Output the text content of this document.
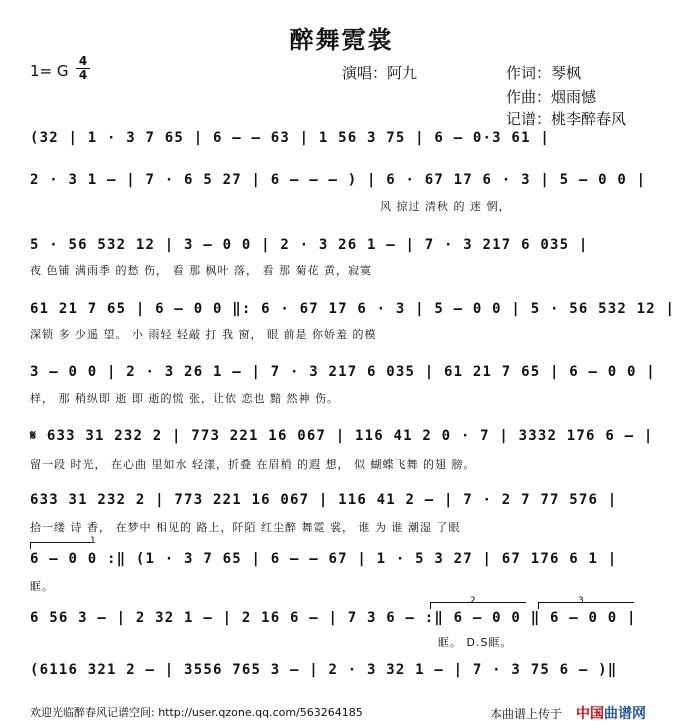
醉舞霓裳
1= G
4
4	演唱：阿九	作词：琴枫
作曲：烟雨憾
记谱：桃李醉春风
(32 | 1 · 3 7 65 | 6 – – 63 | 1 56 3 75 | 6 – 0·3 61 |
2 · 3 1 – | 7 · 6 5 27 | 6 – – – ) | 6 · 67 17 6 · 3 | 5 – 0 0 |
风 掠过 清秋 的 迷 惘，
5 · 56 532 12 | 3 – 0 0 | 2 · 3 26 1 – | 7 · 3 217 6 035 |
夜 色铺 满雨季 的愁 伤， 看 那 枫叶 落， 看 那 菊花 黄，寂寞
61 21 7 65 | 6 – 0 0 ‖: 6 · 67 17 6 · 3 | 5 – 0 0 | 5 · 56 532 12 |
深锁 多 少遥 望。 小 雨轻 轻敲 打 我 窗， 眼 前是 你娇羞 的模
3 – 0 0 | 2 · 3 26 1 – | 7 · 3 217 6 035 | 61 21 7 65 | 6 – 0 0 |
样， 那 稍纵即 逝 即 逝的慌 张，让依 恋也 黯 然神 伤。
𝄋 633 31 232 2 | 773 221 16 067 | 116 41 2 0 · 7 | 3332 176 6 – |
留一段 时光， 在心曲 里如水 轻漾，折叠 在眉梢 的遐 想， 似 蝴蝶飞舞 的翅 膀。
633 31 232 2 | 773 221 16 067 | 116 41 2 – | 7 · 2 7 77 576 |
拾一缕 诗 香， 在梦中 相见的 路上，阡陌 红尘醉 舞霓 裳， 谁 为 谁 潮湿 了眼
1
6 – 0 0 :‖ (1 · 3 7 65 | 6 – – 67 | 1 · 5 3 27 | 67 176 6 1 |
眶。
2	3
6 56 3 – | 2 32 1 – | 2 16 6 – | 7 3 6 – :‖ 6 – 0 0 ‖ 6 – 0 0 |
眶。 D.S眶。
(6116 321 2 – | 3556 765 3 – | 2 · 3 32 1 – | 7 · 3 75 6 – )‖
欢迎光临醉春风记谱空间: http://user.qzone.qq.com/563264185	本曲谱上传于 中国曲谱网
